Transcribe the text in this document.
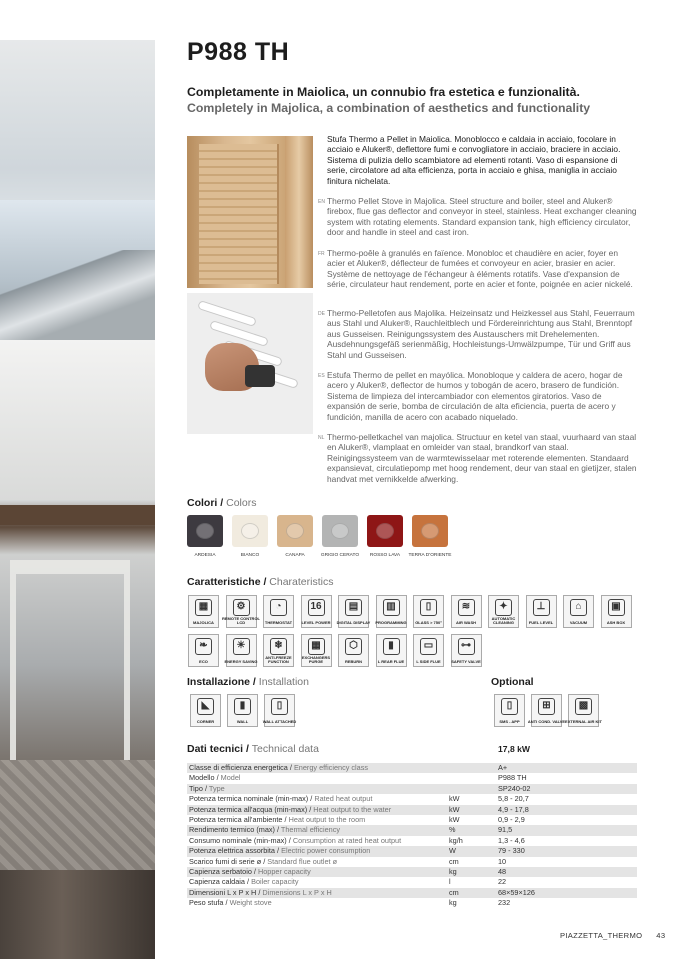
P988 TH
Completamente in Maiolica, un connubio fra estetica e funzionalità.
Completely in Majolica, a combination of aesthetics and functionality
Stufa Thermo a Pellet in Maiolica. Monoblocco e caldaia in acciaio, focolare in acciaio e Aluker®, deflettore fumi e convogliatore in acciaio, braciere in acciaio. Sistema di pulizia dello scambiatore ad elementi rotanti. Vaso di espansione di serie, circolatore ad alta efficienza, porta in acciaio e ghisa, maniglia in acciaio finitura nichelata.
EN Thermo Pellet Stove in Majolica. Steel structure and boiler, steel and Aluker® firebox, flue gas deflector and conveyor in steel, stainless. Heat exchanger cleaning system with rotating elements. Standard expansion tank, high efficiency circulator, door and handle in steel and cast iron.
FR Thermo-poêle à granulés en faïence. Monobloc et chaudière en acier, foyer en acier et Aluker®, déflecteur de fumées et convoyeur en acier, brasier en acier. Système de nettoyage de l'échangeur à éléments rotatifs. Vase d'expansion de série, circulateur haut rendement, porte en acier et fonte, poignée en acier nickelé.
DE Thermo-Pelletofen aus Majolika. Heizeinsatz und Heizkessel aus Stahl, Feuerraum aus Stahl und Aluker®, Rauchleitblech und Fördereinrichtung aus Stahl, Brenntopf aus Gusseisen. Reinigungssystem des Austauschers mit Drehelementen. Ausdehnungsgefäß serienmäßig, Hochleistungs-Umwälzpumpe, Tür und Griff aus Stahl und Gusseisen.
ES Estufa Thermo de pellet en mayólica. Monobloque y caldera de acero, hogar de acero y Aluker®, deflector de humos y tobogán de acero, brasero de fundición. Sistema de limpieza del intercambiador con elementos giratorios. Vaso de expansión de serie, bomba de circulación de alta eficiencia, puerta de acero y fundición, manilla de acero con acabado niquelado.
NL Thermo-pelletkachel van majolica. Structuur en ketel van staal, vuurhaard van staal en Aluker®, vlamplaat en omleider van staal, brandkorf van staal. Reinigingssysteem van de warmtewisselaar met roterende elementen. Standaard expansievat, circulatiepomp met hoog rendement, deur van staal en gietijzer, stalen handvat met vernikkelde afwerking.
Colori / Colors
Caratteristiche / Charateristics
Installazione / Installation	Optional
Dati tecnici / Technical data	17,8 kW
Classe di efficienza energetica / Energy efficiency class	A+
Modello / Model	P988 TH
Tipo / Type	SP240-02
Potenza termica nominale (min-max) / Rated heat output	kW	5,8 - 20,7
Potenza termica all'acqua (min-max) / Heat output to the water	kW	4,9 - 17,8
Potenza termica all'ambiente / Heat output to the room	kW	0,9 - 2,9
Rendimento termico (max) / Thermal efficiency	%	91,5
Consumo nominale (min-max) / Consumption at rated heat output	kg/h	1,3 - 4,6
Potenza elettrica assorbita / Electric power consumption	W	79 - 330
Scarico fumi di serie ø / Standard flue outlet ø	cm	10
Capienza serbatoio / Hopper capacity	kg	48
Capienza caldaia / Boiler capacity	l	22
Dimensioni L x P x H / Dimensions L x P x H	cm	68×59×126
Peso stufa / Weight stove	kg	232
PIAZZETTA_THERMO 43
ARDESIA	BIANCO	CANAPA	GRIGIO CERATO	ROSSO LAVA	TERRA D'ORIENTE
▦
MAJOLICA
⚙
REMOTE CONTROL LCD
◔
THERMOSTAT
16
LEVEL POWER
▤
DIGITAL DISPLAY
▥
PROGRAMMING
▯
GLASS > 750°
≋
AIR WASH
✦
AUTOMATIC CLEANING
⊥
FUEL LEVEL
⌂
VACUUM
▣
ASH BOX
❧
ECO
☀
ENERGY SAVING
❄
ANTI-FREEZE FUNCTION
▦
EXCHANGERS PURGE
⬡
REBURN
▮
L REAR FLUE
▭
L SIDE FLUE
⊶
SAFETY VALVE
◣
CORNER
▮
WALL
▯
WALL ATTACHED
▯
SMS - APP
⊞
ANTI COND. VALVE
▩
EXTERNAL AIR KIT
